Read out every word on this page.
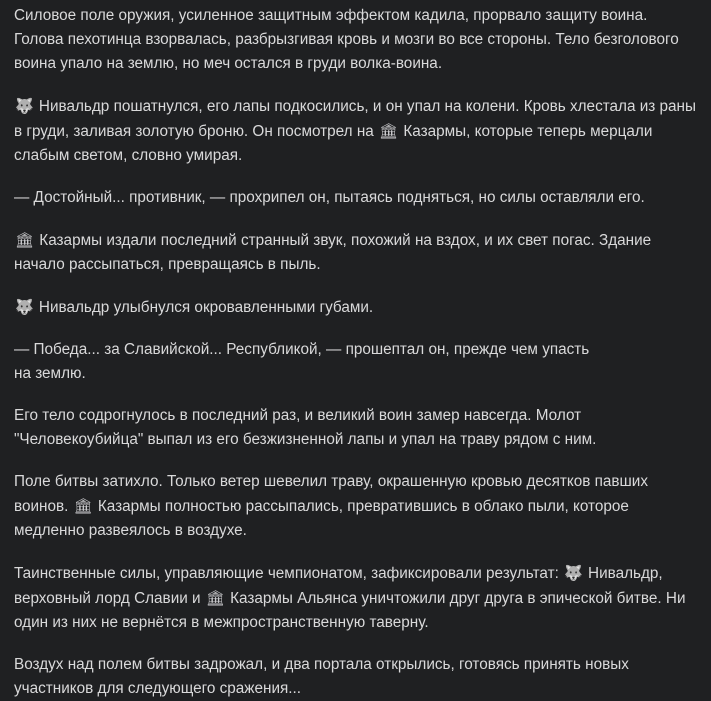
Силовое поле оружия, усиленное защитным эффектом кадила, прорвало защиту воина. Голова пехотинца взорвалась, разбрызгивая кровь и мозги во все стороны. Тело безголового воина упало на землю, но меч остался в груди волка-воина.

🐺 Нивальдр пошатнулся, его лапы подкосились, и он упал на колени. Кровь хлестала из раны в груди, заливая золотую броню. Он посмотрел на 🏛 Казармы, которые теперь мерцали слабым светом, словно умирая.

— Достойный... противник, — прохрипел он, пытаясь подняться, но силы оставляли его.

🏛 Казармы издали последний странный звук, похожий на вздох, и их свет погас. Здание начало рассыпаться, превращаясь в пыль.

🐺 Нивальдр улыбнулся окровавленными губами.

— Победа... за Славийской... Республикой, — прошептал он, прежде чем упасть
на землю.

Его тело содрогнулось в последний раз, и великий воин замер навсегда. Молот "Человекоубийца" выпал из его безжизненной лапы и упал на траву рядом с ним.

Поле битвы затихло. Только ветер шевелил траву, окрашенную кровью десятков павших воинов. 🏛 Казармы полностью рассыпались, превратившись в облако пыли, которое медленно развеялось в воздухе.

Таинственные силы, управляющие чемпионатом, зафиксировали результат: 🐺 Нивальдр, верховный лорд Славии и 🏛 Казармы Альянса уничтожили друг друга в эпической битве. Ни один из них не вернётся в межпространственную таверну.

Воздух над полем битвы задрожал, и два портала открылись, готовясь принять новых участников для следующего сражения...
